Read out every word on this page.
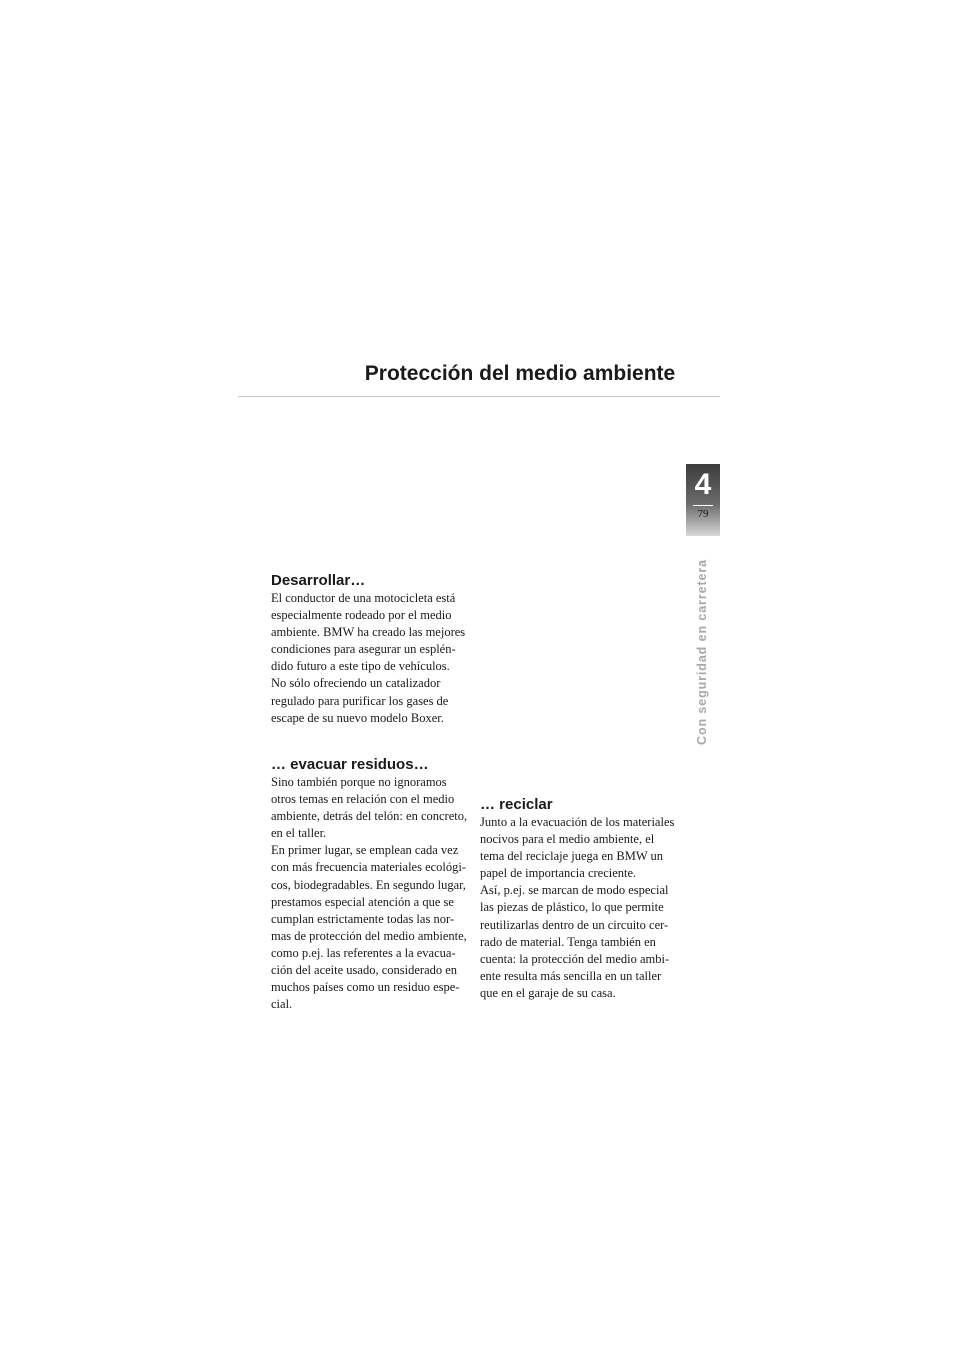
Protección del medio ambiente
4
79
Con seguridad en carretera
Desarrollar…

El conductor de una motocicleta está

especialmente rodeado por el medio

ambiente. BMW ha creado las mejores

condiciones para asegurar un esplén-

dido futuro a este tipo de vehículos.

No sólo ofreciendo un catalizador

regulado para purificar los gases de

escape de su nuevo modelo Boxer.

… evacuar residuos…

Sino también porque no ignoramos

otros temas en relación con el medio

ambiente, detrás del telón: en concreto,

en el taller.

En primer lugar, se emplean cada vez

con más frecuencia materiales ecológi-

cos, biodegradables. En segundo lugar,

prestamos especial atención a que se

cumplan estrictamente todas las nor-

mas de protección del medio ambiente,

como p.ej. las referentes a la evacua-

ción del aceite usado, considerado en

muchos países como un residuo espe-

cial.

… reciclar

Junto a la evacuación de los materiales

nocivos para el medio ambiente, el

tema del reciclaje juega en BMW un

papel de importancia creciente.

Así, p.ej. se marcan de modo especial

las piezas de plástico, lo que permite

reutilizarlas dentro de un circuito cer-

rado de material. Tenga también en

cuenta: la protección del medio ambi-

ente resulta más sencilla en un taller

que en el garaje de su casa.
